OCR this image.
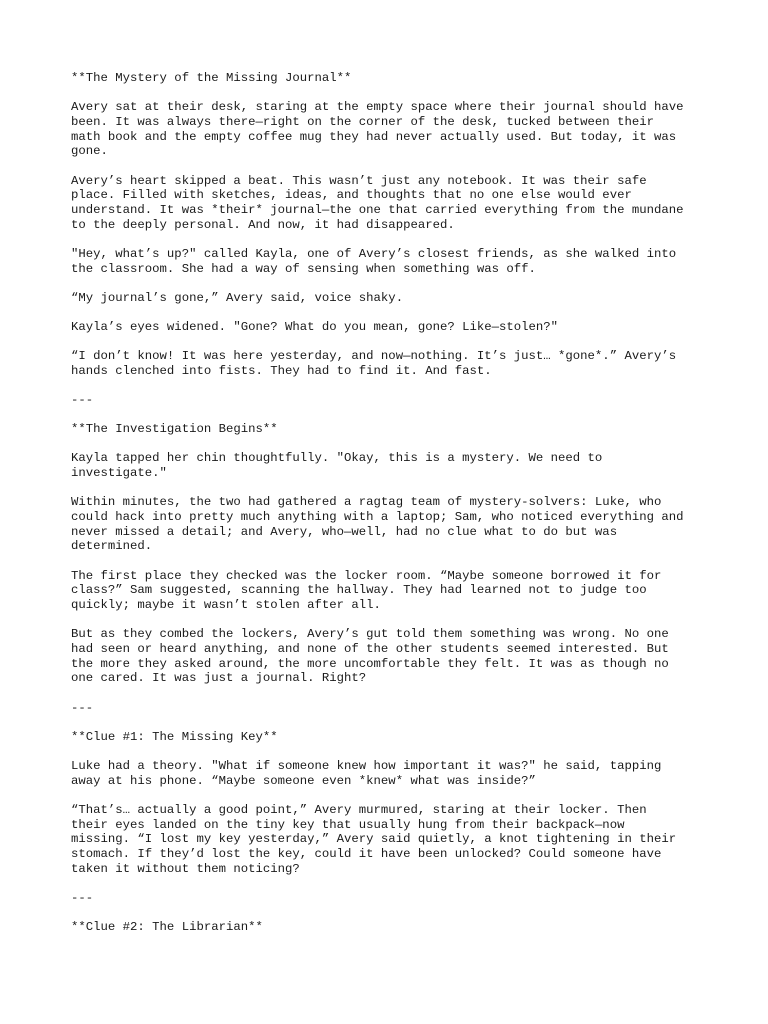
**The Mystery of the Missing Journal**

Avery sat at their desk, staring at the empty space where their journal should have
been. It was always there—right on the corner of the desk, tucked between their
math book and the empty coffee mug they had never actually used. But today, it was
gone.

Avery’s heart skipped a beat. This wasn’t just any notebook. It was their safe
place. Filled with sketches, ideas, and thoughts that no one else would ever
understand. It was *their* journal—the one that carried everything from the mundane
to the deeply personal. And now, it had disappeared.

"Hey, what’s up?" called Kayla, one of Avery’s closest friends, as she walked into
the classroom. She had a way of sensing when something was off.

“My journal’s gone,” Avery said, voice shaky.

Kayla’s eyes widened. "Gone? What do you mean, gone? Like—stolen?"

“I don’t know! It was here yesterday, and now—nothing. It’s just… *gone*.” Avery’s
hands clenched into fists. They had to find it. And fast.

---

**The Investigation Begins**

Kayla tapped her chin thoughtfully. "Okay, this is a mystery. We need to
investigate."

Within minutes, the two had gathered a ragtag team of mystery-solvers: Luke, who
could hack into pretty much anything with a laptop; Sam, who noticed everything and
never missed a detail; and Avery, who—well, had no clue what to do but was
determined.

The first place they checked was the locker room. “Maybe someone borrowed it for
class?” Sam suggested, scanning the hallway. They had learned not to judge too
quickly; maybe it wasn’t stolen after all.

But as they combed the lockers, Avery’s gut told them something was wrong. No one
had seen or heard anything, and none of the other students seemed interested. But
the more they asked around, the more uncomfortable they felt. It was as though no
one cared. It was just a journal. Right?

---

**Clue #1: The Missing Key**

Luke had a theory. "What if someone knew how important it was?" he said, tapping
away at his phone. “Maybe someone even *knew* what was inside?”

“That’s… actually a good point,” Avery murmured, staring at their locker. Then
their eyes landed on the tiny key that usually hung from their backpack—now
missing. “I lost my key yesterday,” Avery said quietly, a knot tightening in their
stomach. If they’d lost the key, could it have been unlocked? Could someone have
taken it without them noticing?

---

**Clue #2: The Librarian**
